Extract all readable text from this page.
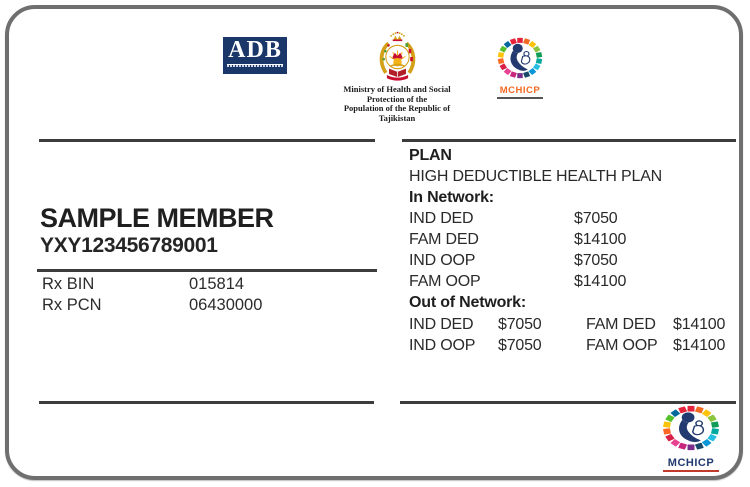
ADB
Ministry of Health and Social
Protection of the
Population of the Republic of
Tajikistan
MCHICP
SAMPLE MEMBER
YXY123456789001
Rx BIN	015814
Rx PCN	06430000
PLAN
HIGH DEDUCTIBLE HEALTH PLAN
In Network:
IND DED	$7050
FAM DED	$14100
IND OOP	$7050
FAM OOP	$14100
Out of Network:
IND DED $7050	FAM DED $14100
IND OOP $7050	FAM OOP $14100
MCHICP
